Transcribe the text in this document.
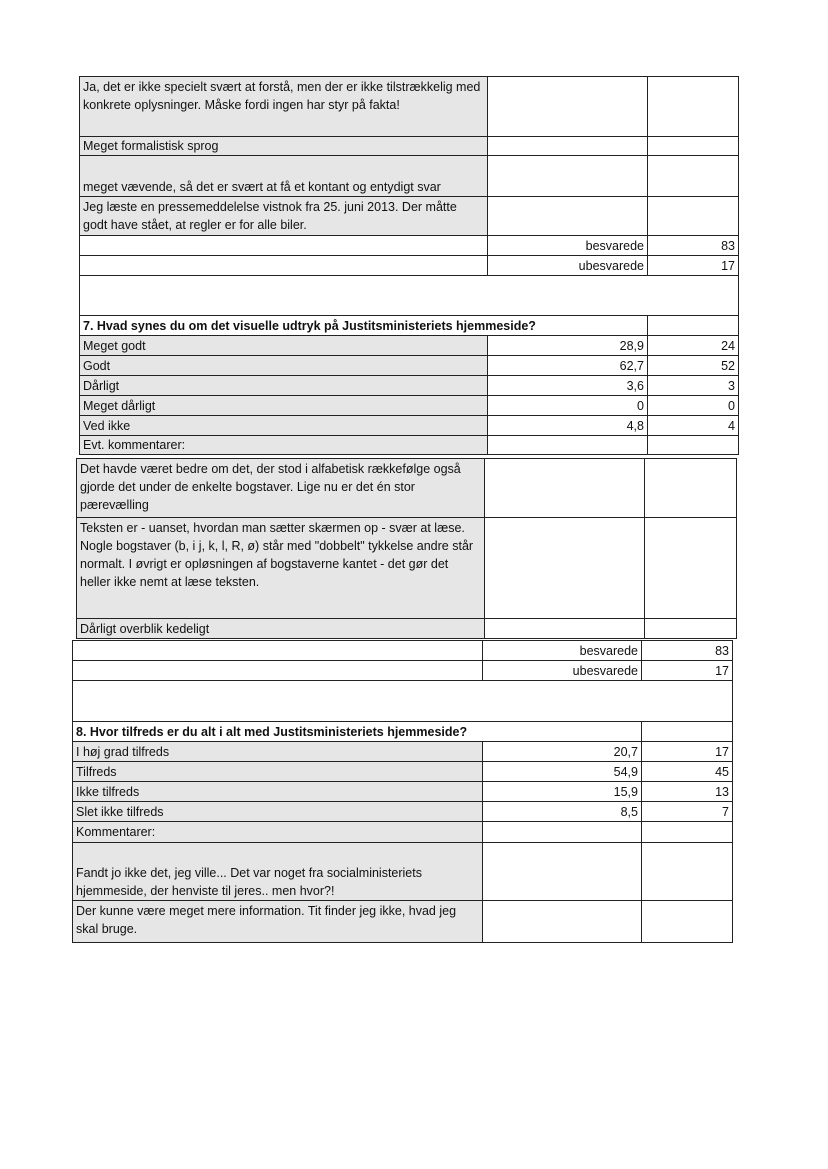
Ja, det er ikke specielt svært at forstå, men der er ikke tilstrækkelig med konkrete oplysninger. Måske fordi ingen har styr på fakta!		
Meget formalistisk sprog		
meget vævende, så det er svært at få et kontant og entydigt svar		
Jeg læste en pressemeddelelse vistnok fra 25. juni 2013. Der måtte godt have stået, at regler er for alle biler.		
	besvarede	83
	ubesvarede	17

7. Hvad synes du om det visuelle udtryk på Justitsministeriets hjemmeside?		
Meget godt	28,9	24
Godt	62,7	52
Dårligt	3,6	3
Meget dårligt	0	0
Ved ikke	4,8	4
Evt. kommentarer:		
Det havde været bedre om det, der stod i alfabetisk rækkefølge også gjorde det under de enkelte bogstaver. Lige nu er det én stor pærevælling		
Teksten er - uanset, hvordan man sætter skærmen op - svær at læse. Nogle bogstaver (b, i j, k, l, R, ø) står med "dobbelt" tykkelse andre står normalt. I øvrigt er opløsningen af bogstaverne kantet - det gør det heller ikke nemt at læse teksten.		
Dårligt overblik kedeligt		
	besvarede	83
	ubesvarede	17

8. Hvor tilfreds er du alt i alt med Justitsministeriets hjemmeside?		
I høj grad tilfreds	20,7	17
Tilfreds	54,9	45
Ikke tilfreds	15,9	13
Slet ikke tilfreds	8,5	7
Kommentarer:		
Fandt jo ikke det, jeg ville... Det var noget fra socialministeriets hjemmeside, der henviste til jeres.. men hvor?!		
Der kunne være meget mere information. Tit finder jeg ikke, hvad jeg skal bruge.		
